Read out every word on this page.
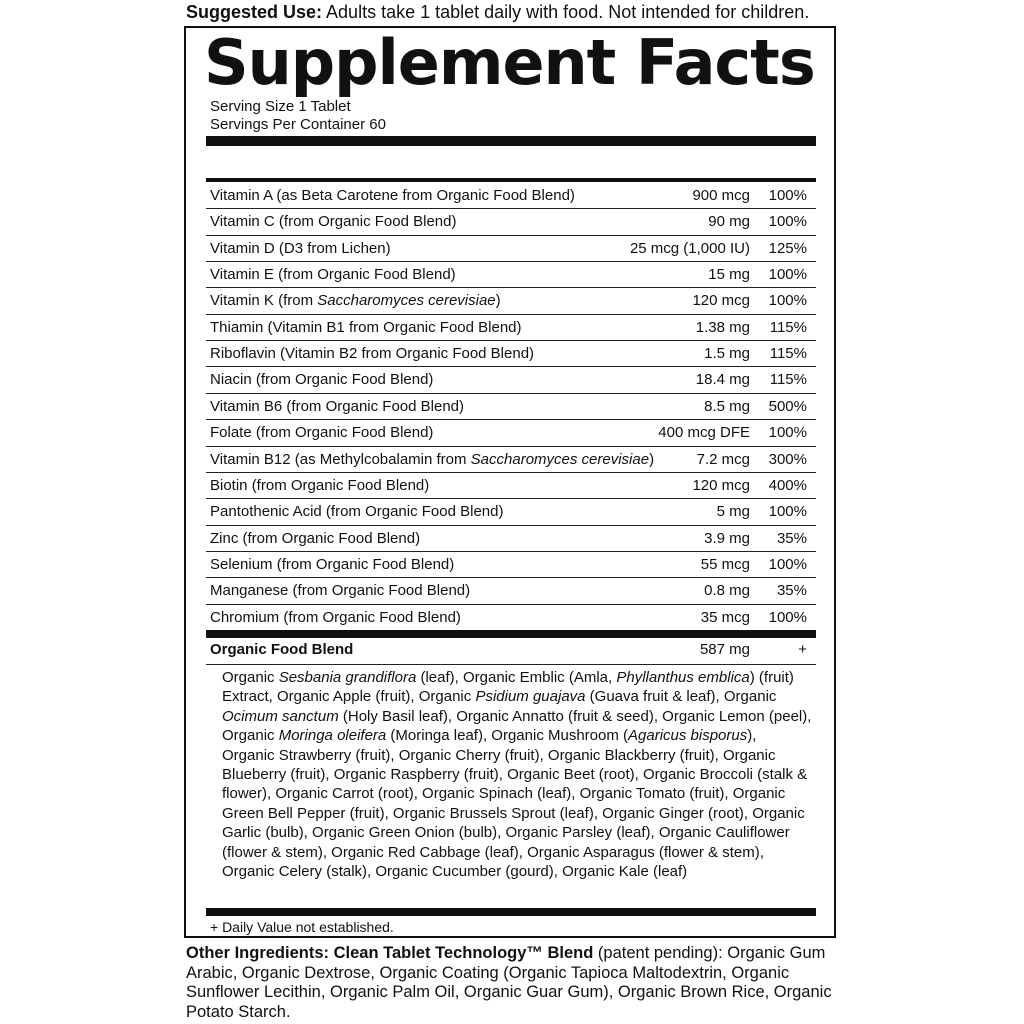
Suggested Use: Adults take 1 tablet daily with food. Not intended for children.
Supplement Facts
Serving Size 1 Tablet
Servings Per Container 60
Vitamin A (as Beta Carotene from Organic Food Blend)	900 mcg 100%
Vitamin C (from Organic Food Blend)	90 mg 100%
Vitamin D (D3 from Lichen)	25 mcg (1,000 IU) 125%
Vitamin E (from Organic Food Blend)	15 mg 100%
Vitamin K (from Saccharomyces cerevisiae)	120 mcg 100%
Thiamin (Vitamin B1 from Organic Food Blend)	1.38 mg 115%
Riboflavin (Vitamin B2 from Organic Food Blend)	1.5 mg 115%
Niacin (from Organic Food Blend)	18.4 mg 115%
Vitamin B6 (from Organic Food Blend)	8.5 mg 500%
Folate (from Organic Food Blend)	400 mcg DFE 100%
Vitamin B12 (as Methylcobalamin from Saccharomyces cerevisiae)	7.2 mcg 300%
Biotin (from Organic Food Blend)	120 mcg 400%
Pantothenic Acid (from Organic Food Blend)	5 mg 100%
Zinc (from Organic Food Blend)	3.9 mg 35%
Selenium (from Organic Food Blend)	55 mcg 100%
Manganese (from Organic Food Blend)	0.8 mg 35%
Chromium (from Organic Food Blend)	35 mcg 100%
Organic Food Blend	587 mg	+
Organic Sesbania grandiflora (leaf), Organic Emblic (Amla, Phyllanthus emblica) (fruit) Extract, Organic Apple (fruit), Organic Psidium guajava (Guava fruit & leaf), Organic Ocimum sanctum (Holy Basil leaf), Organic Annatto (fruit & seed), Organic Lemon (peel), Organic Moringa oleifera (Moringa leaf), Organic Mushroom (Agaricus bisporus), Organic Strawberry (fruit), Organic Cherry (fruit), Organic Blackberry (fruit), Organic Blueberry (fruit), Organic Raspberry (fruit), Organic Beet (root), Organic Broccoli (stalk & flower), Organic Carrot (root), Organic Spinach (leaf), Organic Tomato (fruit), Organic Green Bell Pepper (fruit), Organic Brussels Sprout (leaf), Organic Ginger (root), Organic Garlic (bulb), Organic Green Onion (bulb), Organic Parsley (leaf), Organic Cauliflower (flower & stem), Organic Red Cabbage (leaf), Organic Asparagus (flower & stem), Organic Celery (stalk), Organic Cucumber (gourd), Organic Kale (leaf)
+ Daily Value not established.
Other Ingredients: Clean Tablet Technology™ Blend (patent pending): Organic Gum Arabic, Organic Dextrose, Organic Coating (Organic Tapioca Maltodextrin, Organic Sunflower Lecithin, Organic Palm Oil, Organic Guar Gum), Organic Brown Rice, Organic Potato Starch.
